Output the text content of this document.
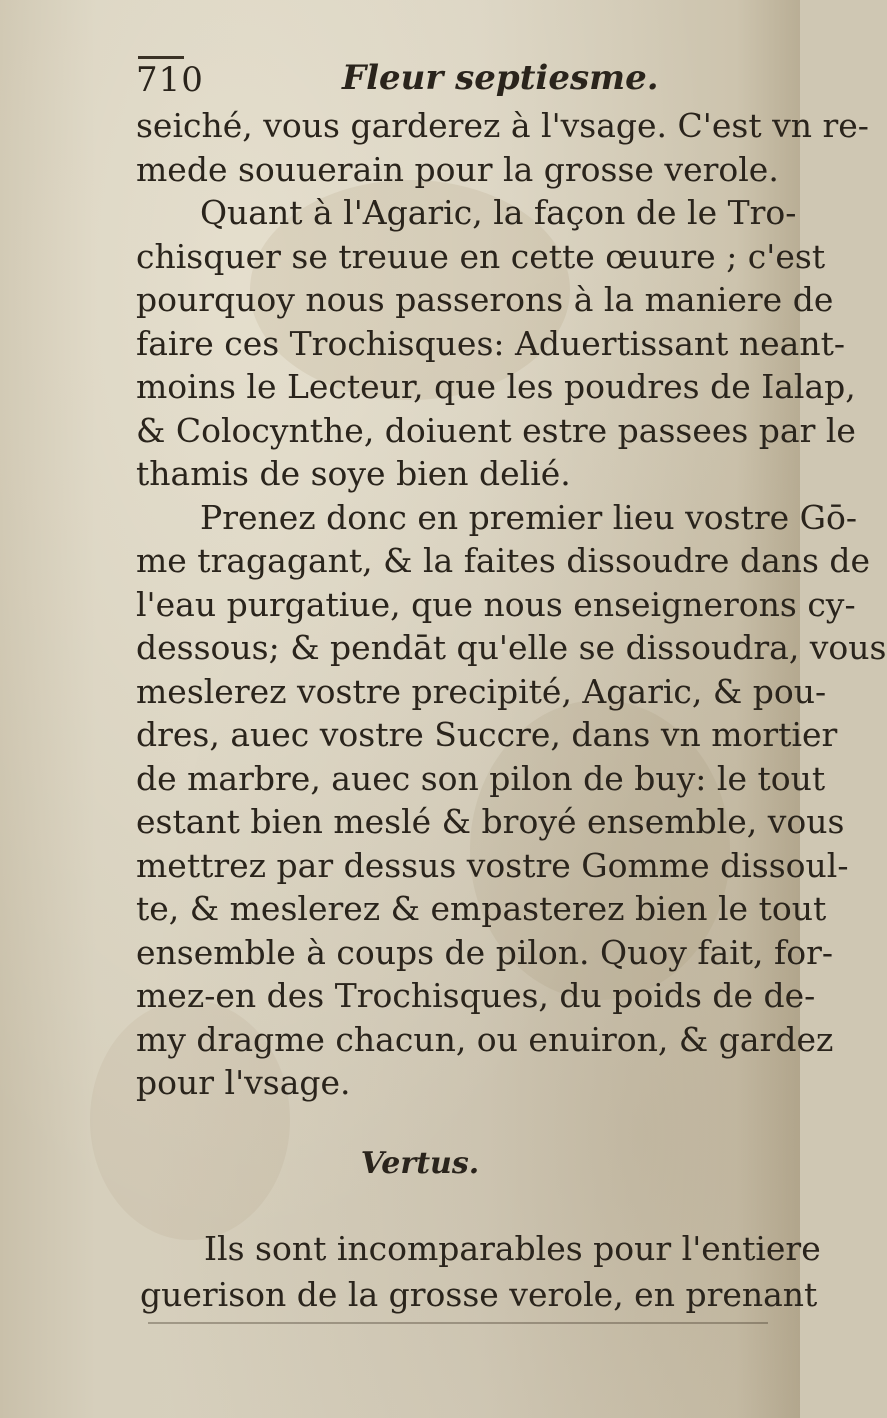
710	Fleur septiesme.
seiché, vous garderez à l'vsage. C'est vn re-
mede souuerain pour la grosse verole.
Quant à l'Agaric, la façon de le Tro-
chisquer se treuue en cette œuure ; c'est
pourquoy nous passerons à la maniere de
faire ces Trochisques: Aduertissant neant-
moins le Lecteur, que les poudres de Ialap,
& Colocynthe, doiuent estre passees par le
thamis de soye bien delié.
Prenez donc en premier lieu vostre Gō-
me tragagant, & la faites dissoudre dans de
l'eau purgatiue, que nous enseignerons cy-
dessous; & pendāt qu'elle se dissoudra, vous
meslerez vostre precipité, Agaric, & pou-
dres, auec vostre Succre, dans vn mortier
de marbre, auec son pilon de buy: le tout
estant bien meslé & broyé ensemble, vous
mettrez par dessus vostre Gomme dissoul-
te, & meslerez & empasterez bien le tout
ensemble à coups de pilon. Quoy fait, for-
mez-en des Trochisques, du poids de de-
my dragme chacun, ou enuiron, & gardez
pour l'vsage.
Vertus.
Ils sont incomparables pour l'entiere
guerison de la grosse verole, en prenant
